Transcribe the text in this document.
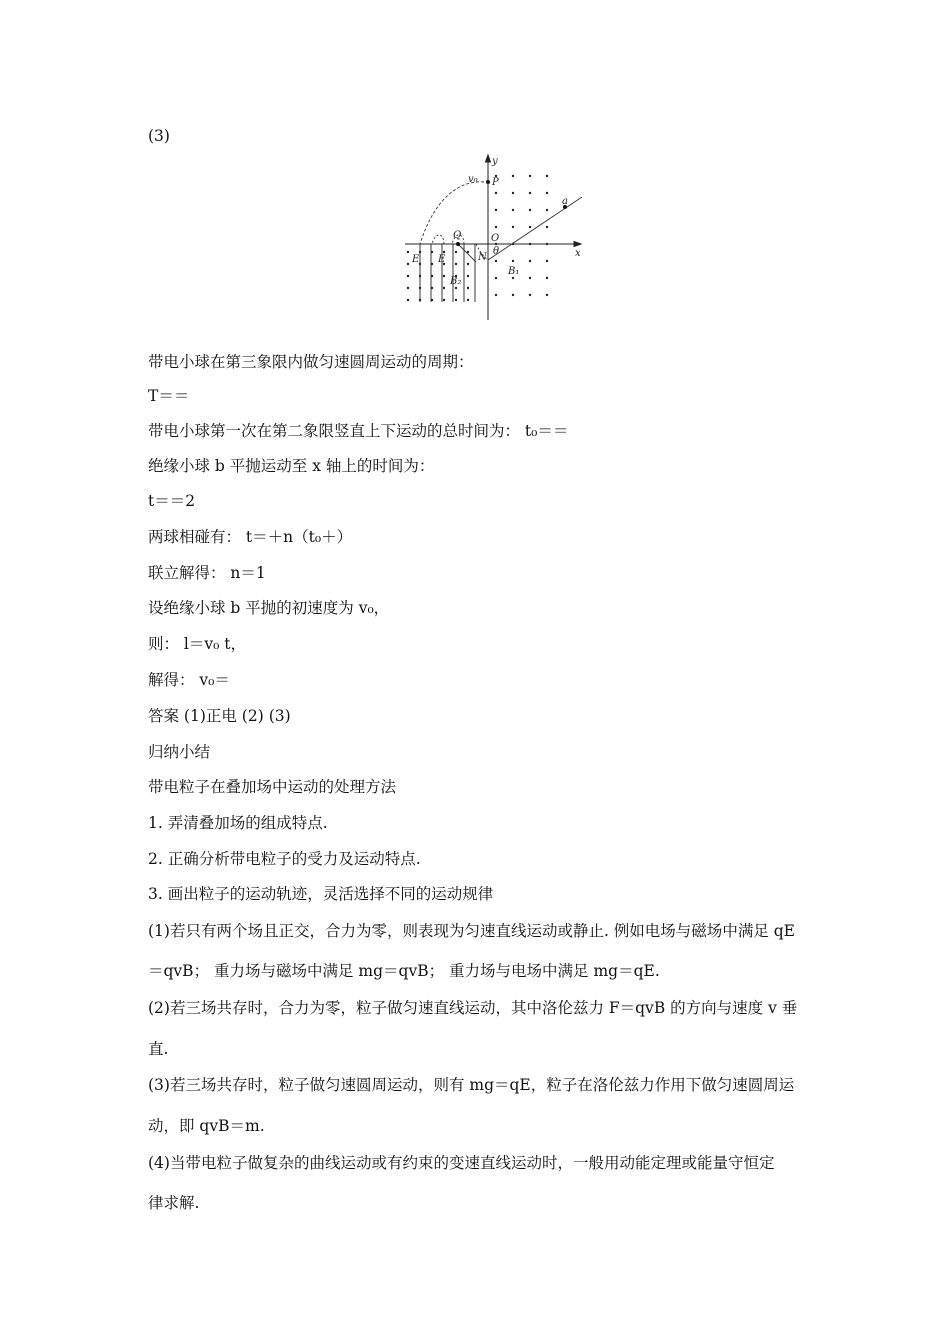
(3)
y
x
v₀ P
a
Q	O
θ
N
E E
B₁
B₂
带电小球在第三象限内做匀速圆周运动的周期：
T＝＝
带电小球第一次在第二象限竖直上下运动的总时间为： t₀＝＝
绝缘小球 b 平抛运动至 x 轴上的时间为：
t＝＝2
两球相碰有： t＝＋n（t₀＋）
联立解得： n＝1
设绝缘小球 b 平抛的初速度为 v₀，
则： l＝v₀ t，
解得： v₀＝
答案 (1)正电 (2) (3)
归纳小结
带电粒子在叠加场中运动的处理方法
1. 弄清叠加场的组成特点.
2. 正确分析带电粒子的受力及运动特点.
3. 画出粒子的运动轨迹，灵活选择不同的运动规律
(1)若只有两个场且正交，合力为零，则表现为匀速直线运动或静止. 例如电场与磁场中满足 qE
＝qvB； 重力场与磁场中满足 mg＝qvB； 重力场与电场中满足 mg＝qE.
(2)若三场共存时，合力为零，粒子做匀速直线运动，其中洛伦兹力 F＝qvB 的方向与速度 v 垂
直.
(3)若三场共存时，粒子做匀速圆周运动，则有 mg＝qE，粒子在洛伦兹力作用下做匀速圆周运
动，即 qvB＝m.
(4)当带电粒子做复杂的曲线运动或有约束的变速直线运动时，一般用动能定理或能量守恒定
律求解.
